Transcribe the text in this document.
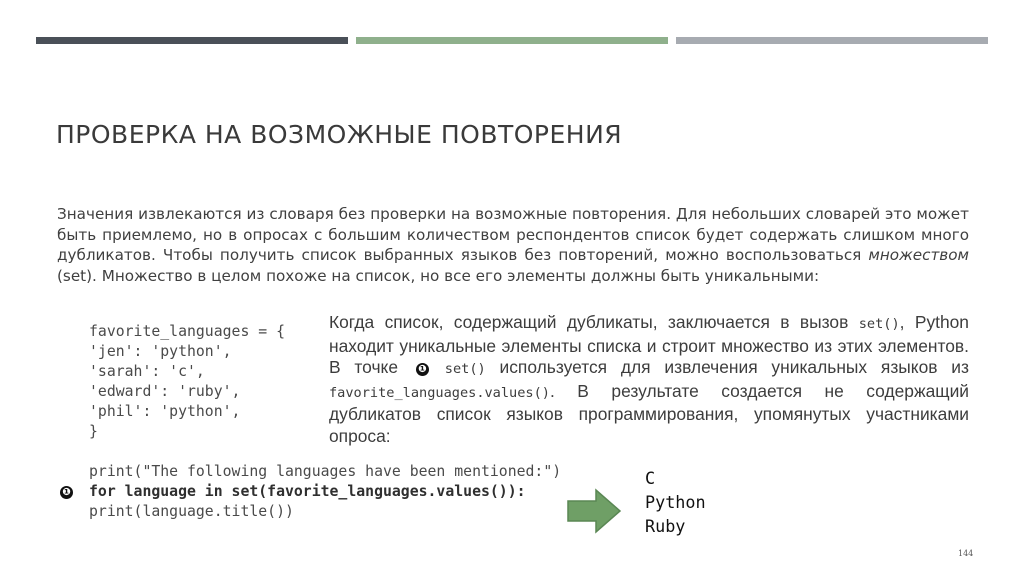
ПРОВЕРКА НА ВОЗМОЖНЫЕ ПОВТОРЕНИЯ
Значения извлекаются из словаря без проверки на возможные повторения. Для небольших словарей это может быть приемлемо, но в опросах с большим количеством респондентов список будет содержать слишком много дубликатов. Чтобы получить список выбранных языков без повторений, можно воспользоваться множеством (set). Множество в целом похоже на список, но все его элементы должны быть уникальными:
favorite_languages = {
'jen': 'python',
'sarah': 'c',
'edward': 'ruby',
'phil': 'python',
}
print("The following languages have been mentioned:")
for language in set(favorite_languages.values()):
print(language.title())
❶
Когда список, содержащий дубликаты, заключается в вызов set(), Python находит уникальные элементы списка и строит множество из этих элементов. В точке ❶ set() используется для извлечения уникальных языков из favorite_languages.values(). В результате создается не содержащий дубликатов список языков программирования, упомянутых участниками опроса:
C
Python
Ruby
144
